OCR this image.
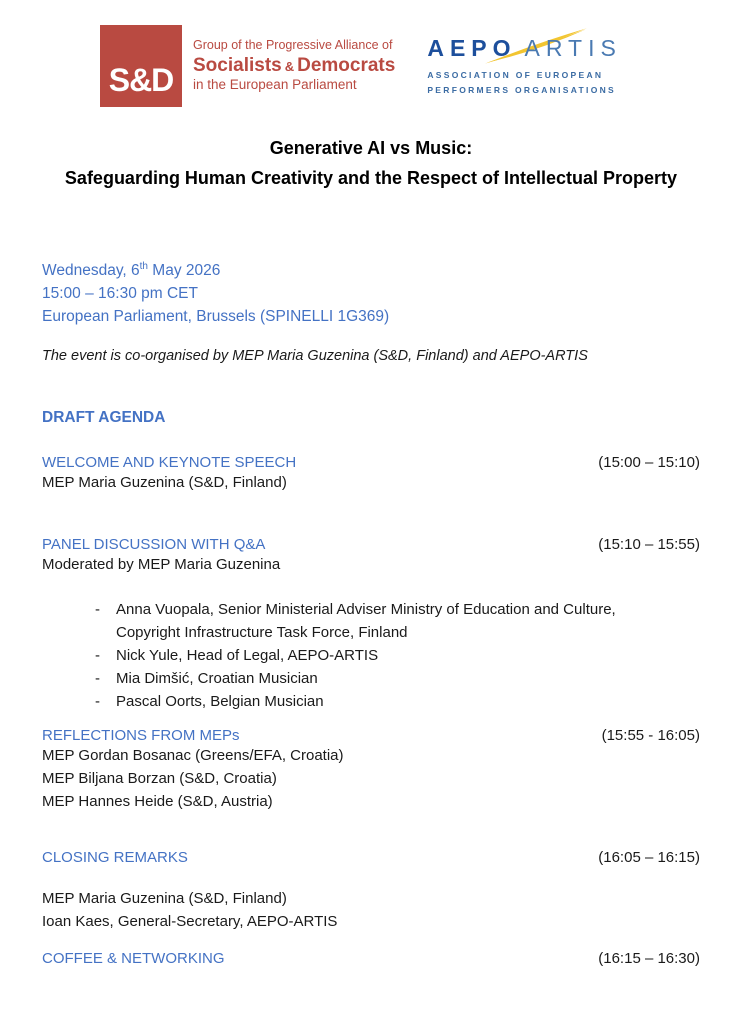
S&D
Group of the Progressive Alliance of
Socialists & Democrats
in the European Parliament
AEPO ARTIS
ASSOCIATION OF EUROPEAN
PERFORMERS ORGANISATIONS
Generative AI vs Music:
Safeguarding Human Creativity and the Respect of Intellectual Property
Wednesday, 6th May 2026
15:00 – 16:30 pm CET
European Parliament, Brussels (SPINELLI 1G369)
The event is co-organised by MEP Maria Guzenina (S&D, Finland) and AEPO-ARTIS
DRAFT AGENDA
WELCOME AND KEYNOTE SPEECH	(15:00 – 15:10)
MEP Maria Guzenina (S&D, Finland)
PANEL DISCUSSION WITH Q&A	(15:10 – 15:55)
Moderated by MEP Maria Guzenina
-	Anna Vuopala, Senior Ministerial Adviser Ministry of Education and Culture, Copyright Infrastructure Task Force, Finland
-	Nick Yule, Head of Legal, AEPO-ARTIS
-	Mia Dimšić, Croatian Musician
-	Pascal Oorts, Belgian Musician
REFLECTIONS FROM MEPs	(15:55 - 16:05)
MEP Gordan Bosanac (Greens/EFA, Croatia)
MEP Biljana Borzan (S&D, Croatia)
MEP Hannes Heide (S&D, Austria)
CLOSING REMARKS	(16:05 – 16:15)
MEP Maria Guzenina (S&D, Finland)
Ioan Kaes, General-Secretary, AEPO-ARTIS
COFFEE & NETWORKING	(16:15 – 16:30)
